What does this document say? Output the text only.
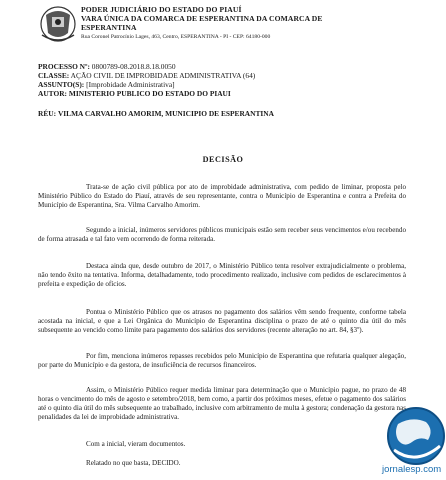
PODER JUDICIÁRIO DO ESTADO DO PIAUÍ
VARA ÚNICA DA COMARCA DE ESPERANTINA DA COMARCA DE
ESPERANTINA
Rua Coronel Patrocínio Lages, 463, Centro, ESPERANTINA - PI - CEP: 64180-000
PROCESSO Nº: 0800789-08.2018.8.18.0050
CLASSE: AÇÃO CIVIL DE IMPROBIDADE ADMINISTRATIVA (64)
ASSUNTO(S): [Improbidade Administrativa]
AUTOR: MINISTERIO PUBLICO DO ESTADO DO PIAUI
RÉU: VILMA CARVALHO AMORIM, MUNICIPIO DE ESPERANTINA
DECISÃO
Trata-se de ação civil pública por ato de improbidade administrativa, com pedido de liminar, proposta pelo Ministério Público do Estado do Piauí, através de seu representante, contra o Município de Esperantina e contra a Prefeita do Município de Esperantina, Sra. Vilma Carvalho Amorim.
Segundo a inicial, inúmeros servidores públicos municipais estão sem receber seus vencimentos e/ou recebendo de forma atrasada e tal fato vem ocorrendo de forma reiterada.
Destaca ainda que, desde outubro de 2017, o Ministério Público tenta resolver extrajudicialmente o problema, não tendo êxito na tentativa. Informa, detalhadamente, todo procedimento realizado, inclusive com pedidos de esclarecimentos à prefeita e expedição de ofícios.
Pontua o Ministério Público que os atrasos no pagamento dos salários vêm sendo frequente, conforme tabela acostada na inicial, e que a Lei Orgânica do Município de Esperantina disciplina o prazo de até o quinto dia útil do mês subsequente ao vencido como limite para pagamento dos salários dos servidores (recente alteração no art. 84, §3º).
Por fim, menciona inúmeros repasses recebidos pelo Município de Esperantina que refutaria qualquer alegação, por parte do Município e da gestora, de insuficiência de recursos financeiros.
Assim, o Ministério Público requer medida liminar para determinação que o Município pague, no prazo de 48 horas o vencimento do mês de agosto e setembro/2018, bem como, a partir dos próximos meses, efetue o pagamento dos salários até o quinto dia útil do mês subsequente ao trabalhado, inclusive com arbitramento de multa à gestora; condenação da gestora nas penalidades da lei de improbidade administrativa.
Com a inicial, vieram documentos.
Relatado no que basta, DECIDO.
jornalesp.com
